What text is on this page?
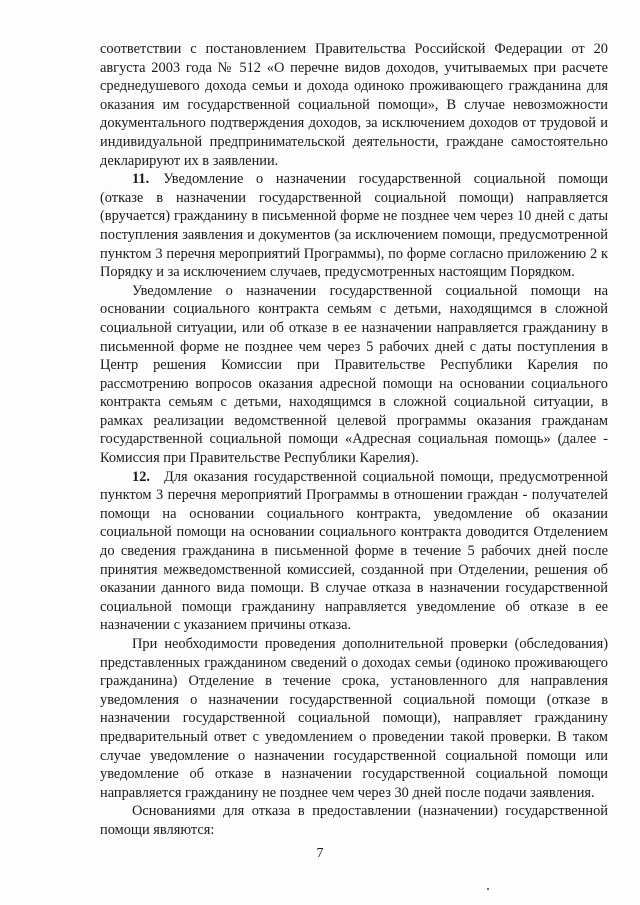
соответствии с постановлением Правительства Российской Федерации от 20 августа 2003 года № 512 «О перечне видов доходов, учитываемых при расчете среднедушевого дохода семьи и дохода одиноко проживающего гражданина для оказания им государственной социальной помощи», В случае невозможности документального подтверждения доходов, за исключением доходов от трудовой и индивидуальной предпринимательской деятельности, граждане самостоятельно декларируют их в заявлении.

11. Уведомление о назначении государственной социальной помощи (отказе в назначении государственной социальной помощи) направляется (вручается) гражданину в письменной форме не позднее чем через 10 дней с даты поступления заявления и документов (за исключением помощи, предусмотренной пунктом 3 перечня мероприятий Программы), по форме согласно приложению 2 к Порядку и за исключением случаев, предусмотренных настоящим Порядком.

Уведомление о назначении государственной социальной помощи на основании социального контракта семьям с детьми, находящимся в сложной социальной ситуации, или об отказе в ее назначении направляется гражданину в письменной форме не позднее чем через 5 рабочих дней с даты поступления в Центр решения Комиссии при Правительстве Республики Карелия по рассмотрению вопросов оказания адресной помощи на основании социального контракта семьям с детьми, находящимся в сложной социальной ситуации, в рамках реализации ведомственной целевой программы оказания гражданам государственной социальной помощи «Адресная социальная помощь» (далее - Комиссия при Правительстве Республики Карелия).

12. Для оказания государственной социальной помощи, предусмотренной пунктом 3 перечня мероприятий Программы в отношении граждан - получателей помощи на основании социального контракта, уведомление об оказании социальной помощи на основании социального контракта доводится Отделением до сведения гражданина в письменной форме в течение 5 рабочих дней после принятия межведомственной комиссией, созданной при Отделении, решения об оказании данного вида помощи. В случае отказа в назначении государственной социальной помощи гражданину направляется уведомление об отказе в ее назначении с указанием причины отказа.

При необходимости проведения дополнительной проверки (обследования) представленных гражданином сведений о доходах семьи (одиноко проживающего гражданина) Отделение в течение срока, установленного для направления уведомления о назначении государственной социальной помощи (отказе в назначении государственной социальной помощи), направляет гражданину предварительный ответ с уведомлением о проведении такой проверки. В таком случае уведомление о назначении государственной социальной помощи или уведомление об отказе в назначении государственной социальной помощи направляется гражданину не позднее чем через 30 дней после подачи заявления.

Основаниями для отказа в предоставлении (назначении) государственной помощи являются:

7
